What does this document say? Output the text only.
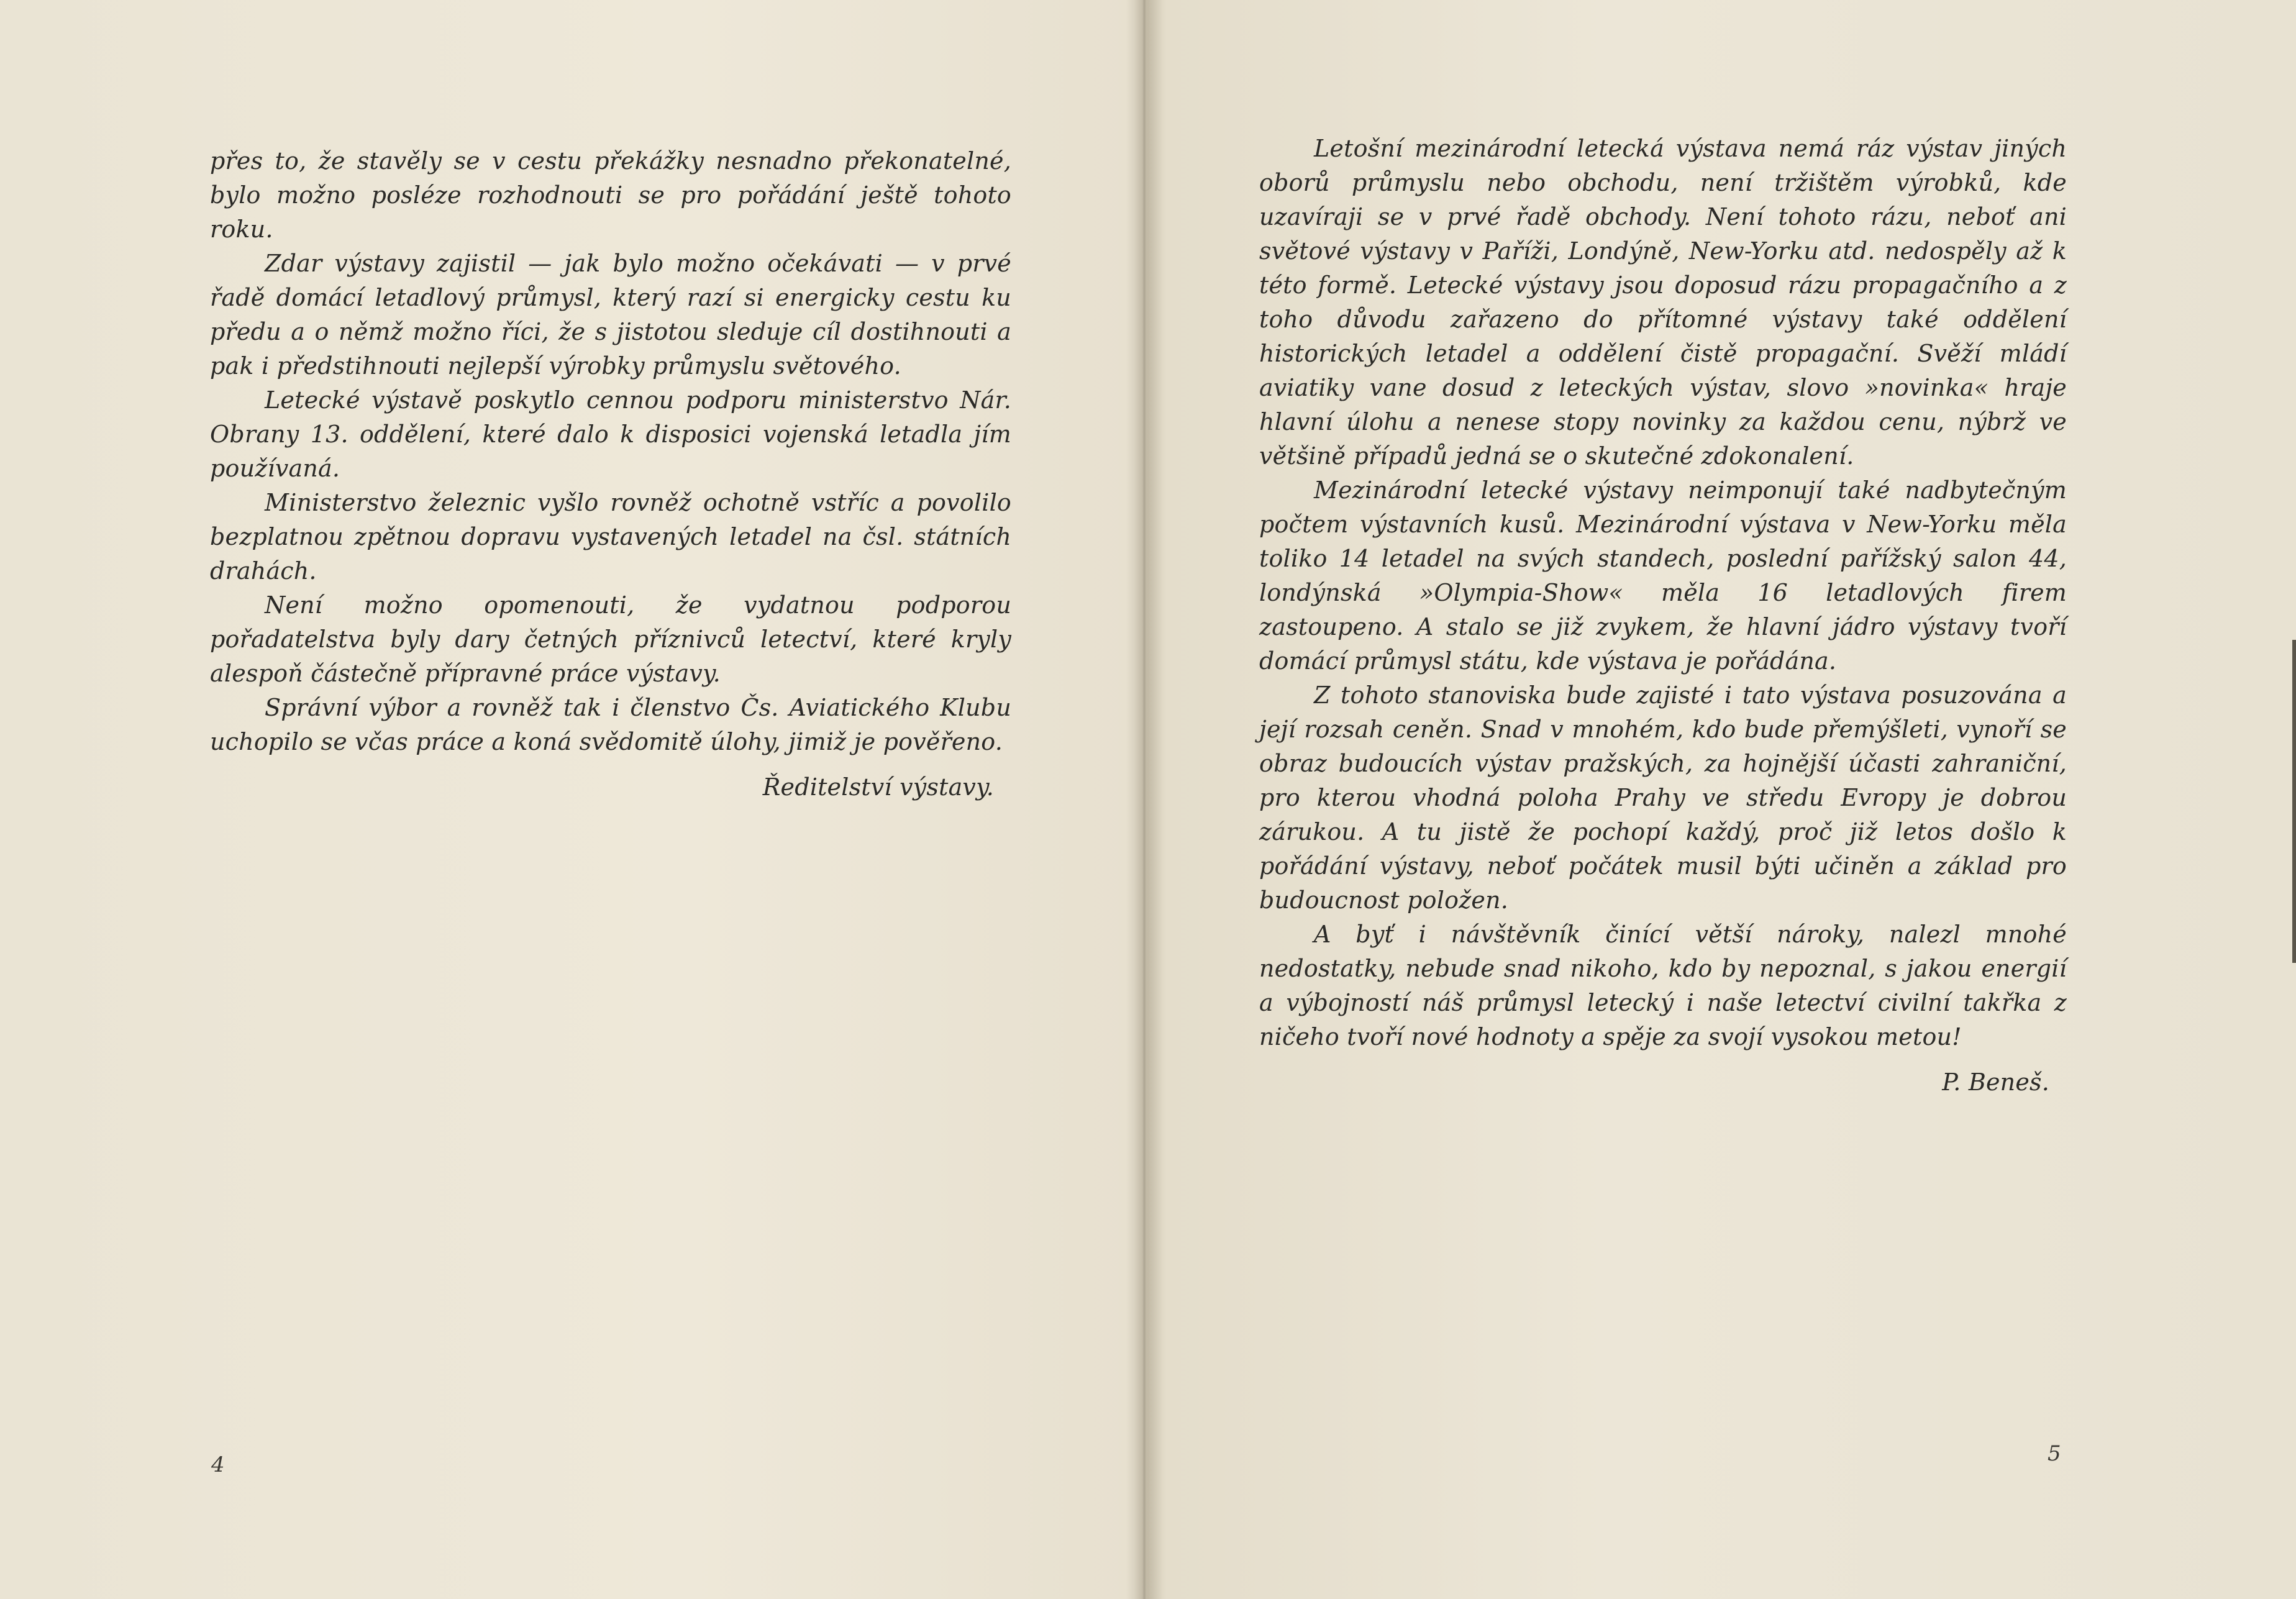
přes to, že stavěly se v cestu překážky nesnadno překonatelné, bylo možno posléze rozhodnouti se pro pořádání ještě tohoto roku.

Zdar výstavy zajistil — jak bylo možno očekávati — v prvé řadě domácí letadlový průmysl, který razí si energicky cestu ku předu a o němž možno říci, že s jistotou sleduje cíl dostihnouti a pak i předstihnouti nejlepší výrobky průmyslu světového.

Letecké výstavě poskytlo cennou podporu ministerstvo Nár. Obrany 13. oddělení, které dalo k disposici vojenská letadla jím používaná.

Ministerstvo železnic vyšlo rovněž ochotně vstříc a povolilo bezplatnou zpětnou dopravu vystavených letadel na čsl. státních drahách.

Není možno opomenouti, že vydatnou podporou pořadatelstva byly dary četných příznivců letectví, které kryly alespoň částečně přípravné práce výstavy.

Správní výbor a rovněž tak i členstvo Čs. Aviatického Klubu uchopilo se včas práce a koná svědomitě úlohy, jimiž je pověřeno.

Ředitelství výstavy.
4

Letošní mezinárodní letecká výstava nemá ráz výstav jiných oborů průmyslu nebo obchodu, není tržištěm výrobků, kde uzavíraji se v prvé řadě obchody. Není tohoto rázu, neboť ani světové výstavy v Paříži, Londýně, New-Yorku atd. nedospěly až k této formě. Letecké výstavy jsou doposud rázu propagačního a z toho důvodu zařazeno do přítomné výstavy také oddělení historických letadel a oddělení čistě propagační. Svěží mládí aviatiky vane dosud z leteckých výstav, slovo »novinka« hraje hlavní úlohu a nenese stopy novinky za každou cenu, nýbrž ve většině případů jedná se o skutečné zdokonalení.

Mezinárodní letecké výstavy neimponují také nadbytečným počtem výstavních kusů. Mezinárodní výstava v New-Yorku měla toliko 14 letadel na svých standech, poslední pařížský salon 44, londýnská »Olympia-Show« měla 16 letadlových firem zastoupeno. A stalo se již zvykem, že hlavní jádro výstavy tvoří domácí průmysl státu, kde výstava je pořádána.

Z tohoto stanoviska bude zajisté i tato výstava posuzována a její rozsah ceněn. Snad v mnohém, kdo bude přemýšleti, vynoří se obraz budoucích výstav pražských, za hojnější účasti zahraniční, pro kterou vhodná poloha Prahy ve středu Evropy je dobrou zárukou. A tu jistě že pochopí každý, proč již letos došlo k pořádání výstavy, neboť počátek musil býti učiněn a základ pro budoucnost položen.

A byť i návštěvník činící větší nároky, nalezl mnohé nedostatky, nebude snad nikoho, kdo by nepoznal, s jakou energií a výbojností náš průmysl letecký i naše letectví civilní takřka z ničeho tvoří nové hodnoty a spěje za svojí vysokou metou!

P. Beneš.
5
